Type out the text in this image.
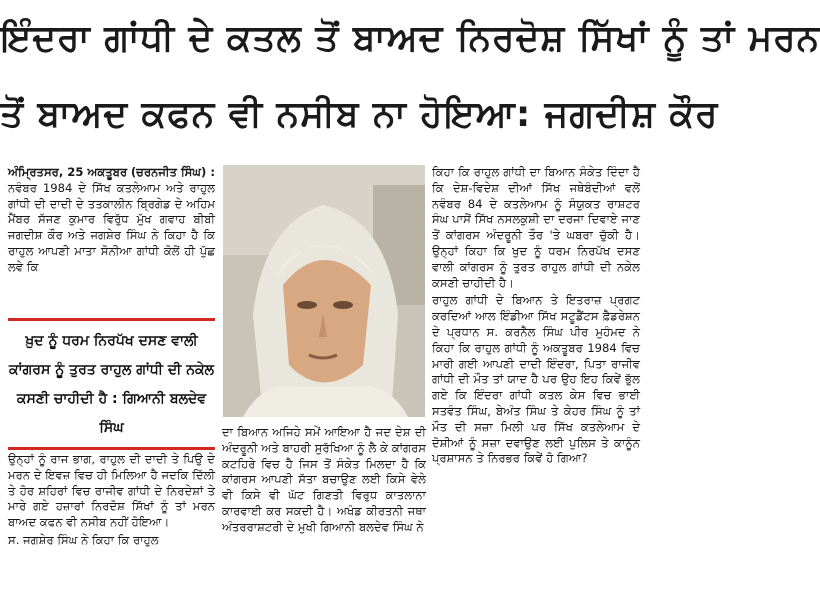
ਇੰਦਰਾ ਗਾਂਧੀ ਦੇ ਕਤਲ ਤੋਂ ਬਾਅਦ ਨਿਰਦੋਸ਼ ਸਿੱਖਾਂ ਨੂੰ ਤਾਂ ਮਰਨ
ਤੋਂ ਬਾਅਦ ਕਫਨ ਵੀ ਨਸੀਬ ਨਾ ਹੋਇਆ: ਜਗਦੀਸ਼ ਕੌਰ

ਅੰਮ੍ਰਿਤਸਰ, 25 ਅਕਤੂਬਰ (ਚਰਨਜੀਤ ਸਿੰਘ) : ਨਵੰਬਰ 1984 ਦੇ ਸਿੱਖ ਕਤਲੇਆਮ ਅਤੇ ਰਾਹੁਲ ਗਾਂਧੀ ਦੀ ਦਾਦੀ ਦੇ ਤਤਕਾਲੀਨ ਬ੍ਰਿਗੇਡ ਦੇ ਅਹਿਮ ਮੈਂਬਰ ਸੱਜਣ ਕੁਮਾਰ ਵਿਰੁੱਧ ਮੁੱਖ ਗਵਾਹ ਬੀਬੀ ਜਗਦੀਸ਼ ਕੌਰ ਅਤੇ ਜਗਸ਼ੇਰ ਸਿੰਘ ਨੇ ਕਿਹਾ ਹੈ ਕਿ ਰਾਹੁਲ ਆਪਣੀ ਮਾਤਾ ਸੋਨੀਆ ਗਾਂਧੀ ਕੋਲੋਂ ਹੀ ਪੁੱਛ ਲਵੇ ਕਿ

ਖ਼ੁਦ ਨੂੰ ਧਰਮ ਨਿਰਪੱਖ ਦਸਣ ਵਾਲੀ ਕਾਂਗਰਸ ਨੂੰ ਤੁਰਤ ਰਾਹੁਲ ਗਾਂਧੀ ਦੀ ਨਕੇਲ ਕਸਣੀ ਚਾਹੀਦੀ ਹੈ : ਗਿਆਨੀ ਬਲਦੇਵ ਸਿੰਘ

ਉਨ੍ਹਾਂ ਨੂੰ ਰਾਜ ਭਾਗ, ਰਾਹੁਲ ਦੀ ਦਾਦੀ ਤੇ ਪਿਉ ਦੇ ਮਰਨ ਦੇ ਇਵਜ਼ ਵਿਚ ਹੀ ਮਿਲਿਆ ਹੈ ਜਦਕਿ ਦਿੱਲੀ ਤੇ ਹੋਰ ਸ਼ਹਿਰਾਂ ਵਿਚ ਰਾਜੀਵ ਗਾਂਧੀ ਦੇ ਨਿਰਦੇਸ਼ਾਂ ਤੇ ਮਾਰੇ ਗਏ ਹਜ਼ਾਰਾਂ ਨਿਰਦੋਸ਼ ਸਿੱਖਾਂ ਨੂੰ ਤਾਂ ਮਰਨ ਬਾਅਦ ਕਫਨ ਵੀ ਨਸੀਬ ਨਹੀਂ ਹੋਇਆ।

ਸ. ਜਗਸ਼ੇਰ ਸਿੰਘ ਨੇ ਕਿਹਾ ਕਿ ਰਾਹੁਲ

ਦਾ ਬਿਆਨ ਅਜਿਹੇ ਸਮੇਂ ਆਇਆ ਹੈ ਜਦ ਦੇਸ਼ ਦੀ ਅੰਦਰੂਨੀ ਅਤੇ ਬਾਹਰੀ ਸੁਰੱਖਿਆ ਨੂੰ ਲੈ ਕੇ ਕਾਂਗਰਸ ਕਟਹਿਰੇ ਵਿਚ ਹੈ ਜਿਸ ਤੋਂ ਸੰਕੇਤ ਮਿਲਦਾ ਹੈ ਕਿ ਕਾਂਗਰਸ ਆਪਣੀ ਸੱਤਾ ਬਚਾਉਣ ਲਈ ਕਿਸੇ ਵੇਲੇ ਵੀ ਕਿਸੇ ਵੀ ਘੱਟ ਗਿਣਤੀ ਵਿਰੁਧ ਕਾਤਲਾਨਾ ਕਾਰਵਾਈ ਕਰ ਸਕਦੀ ਹੈ। ਅਖੰਡ ਕੀਰਤਨੀ ਜਥਾ ਅੰਤਰਰਾਸ਼ਟਰੀ ਦੇ ਮੁਖੀ ਗਿਆਨੀ ਬਲਦੇਵ ਸਿੰਘ ਨੇ

ਕਿਹਾ ਕਿ ਰਾਹੁਲ ਗਾਂਧੀ ਦਾ ਬਿਆਨ ਸੰਕੇਤ ਦਿੰਦਾ ਹੈ ਕਿ ਦੇਸ਼-ਵਿਦੇਸ਼ ਦੀਆਂ ਸਿੱਖ ਜਥੇਬੰਦੀਆਂ ਵਲੋਂ ਨਵੰਬਰ 84 ਦੇ ਕਤਲੇਆਮ ਨੂੰ ਸੰਯੁਕਤ ਰਾਸ਼ਟਰ ਸੰਘ ਪਾਸੋਂ ਸਿੱਖ ਨਸਲਕੁਸ਼ੀ ਦਾ ਦਰਜਾ ਦਿਵਾਏ ਜਾਣ ਤੋਂ ਕਾਂਗਰਸ ਅੰਦਰੂਨੀ ਤੌਰ 'ਤੇ ਘਬਰਾ ਚੁੱਕੀ ਹੈ। ਉਨ੍ਹਾਂ ਕਿਹਾ ਕਿ ਖੁਦ ਨੂੰ ਧਰਮ ਨਿਰਪੱਖ ਦਸਣ ਵਾਲੀ ਕਾਂਗਰਸ ਨੂੰ ਤੁਰਤ ਰਾਹੁਲ ਗਾਂਧੀ ਦੀ ਨਕੇਲ ਕਸਣੀ ਚਾਹੀਦੀ ਹੈ।

ਰਾਹੁਲ ਗਾਂਧੀ ਦੇ ਬਿਆਨ ਤੇ ਇਤਰਾਜ਼ ਪ੍ਰਗਟ ਕਰਦਿਆਂ ਆਲ ਇੰਡੀਆ ਸਿੱਖ ਸਟੂਡੈਂਟਸ ਫ਼ੈਡਰੇਸ਼ਨ ਦੇ ਪ੍ਰਧਾਨ ਸ. ਕਰਨੈਲ ਸਿੰਘ ਪੀਰ ਮੁਹੰਮਦ ਨੇ ਕਿਹਾ ਕਿ ਰਾਹੁਲ ਗਾਂਧੀ ਨੂੰ ਅਕਤੂਬਰ 1984 ਵਿਚ ਮਾਰੀ ਗਈ ਆਪਣੀ ਦਾਦੀ ਇੰਦਰਾ, ਪਿਤਾ ਰਾਜੀਵ ਗਾਂਧੀ ਦੀ ਮੌਤ ਤਾਂ ਯਾਦ ਹੈ ਪਰ ਉਹ ਇਹ ਕਿਵੇਂ ਭੁੱਲ ਗਏ ਕਿ ਇੰਦਰਾ ਗਾਂਧੀ ਕਤਲ ਕੇਸ ਵਿਚ ਭਾਈ ਸਤਵੰਤ ਸਿੰਘ, ਬੇਅੰਤ ਸਿੰਘ ਤੇ ਕੇਹਰ ਸਿੰਘ ਨੂੰ ਤਾਂ ਮੌਤ ਦੀ ਸਜ਼ਾ ਮਿਲੀ ਪਰ ਸਿੱਖ ਕਤਲੇਆਮ ਦੇ ਦੋਸ਼ੀਆਂ ਨੂੰ ਸਜ਼ਾ ਦਵਾਉਣ ਲਈ ਪੁਲਿਸ ਤੇ ਕਾਨੂੰਨ ਪ੍ਰਸ਼ਾਸਨ ਤੇ ਨਿਰਭਰ ਕਿਵੇਂ ਹੋ ਗਿਆ?
